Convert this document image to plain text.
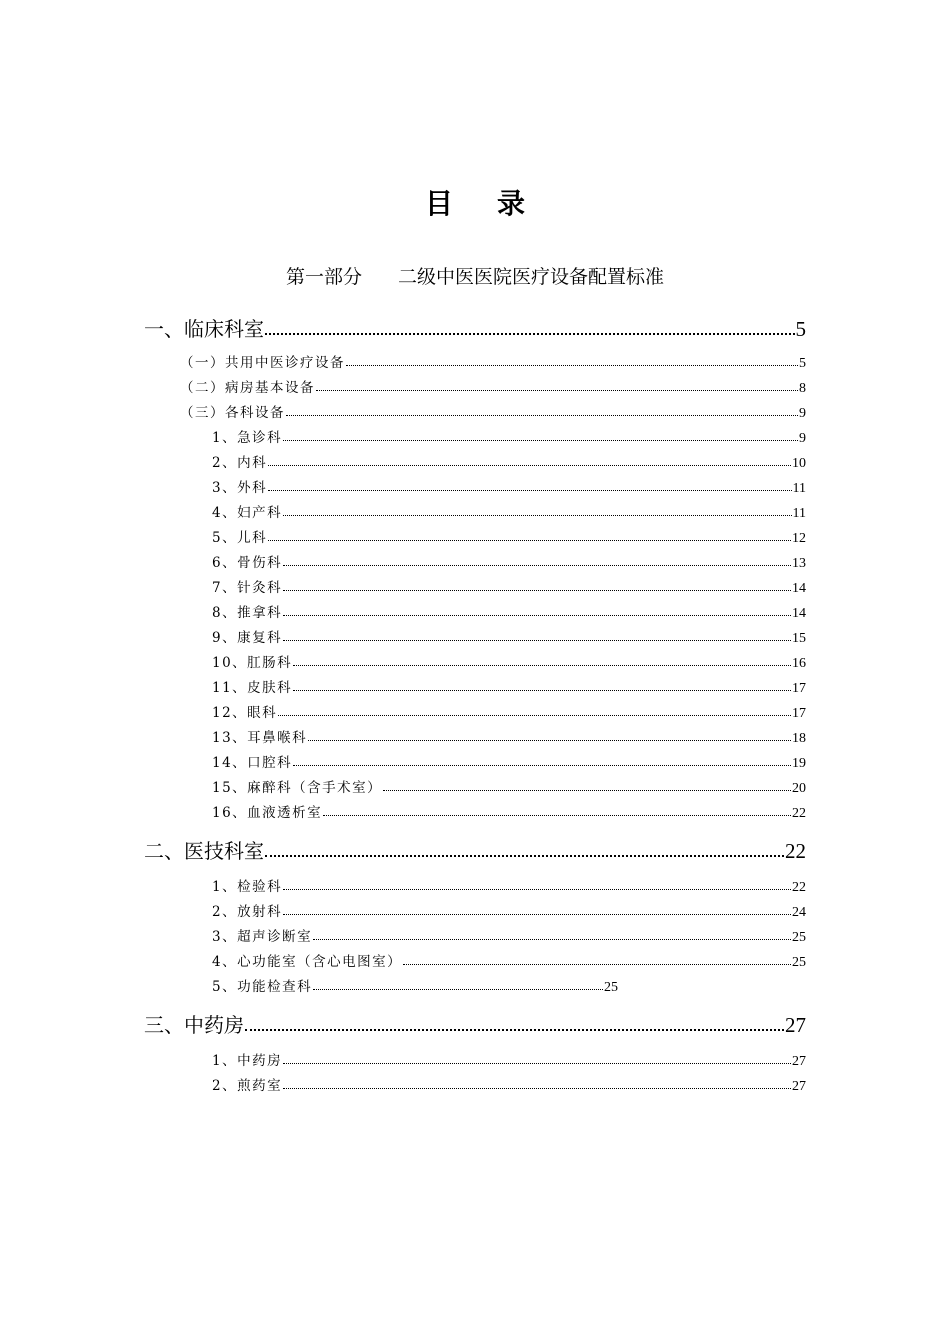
目 录
第一部分 二级中医医院医疗设备配置标准
一、临床科室	5
（一）共用中医诊疗设备	5
（二）病房基本设备	8
（三）各科设备	9
1、急诊科	9
2、内科	10
3、外科	11
4、妇产科	11
5、儿科	12
6、骨伤科	13
7、针灸科	14
8、推拿科	14
9、康复科	15
10、肛肠科	16
11、皮肤科	17
12、眼科	17
13、耳鼻喉科	18
14、口腔科	19
15、麻醉科（含手术室）	20
16、血液透析室	22
二、医技科室	22
1、检验科	22
2、放射科	24
3、超声诊断室	25
4、心功能室（含心电图室）	25
5、功能检查科	25
三、中药房	27
1、中药房	27
2、煎药室	27
